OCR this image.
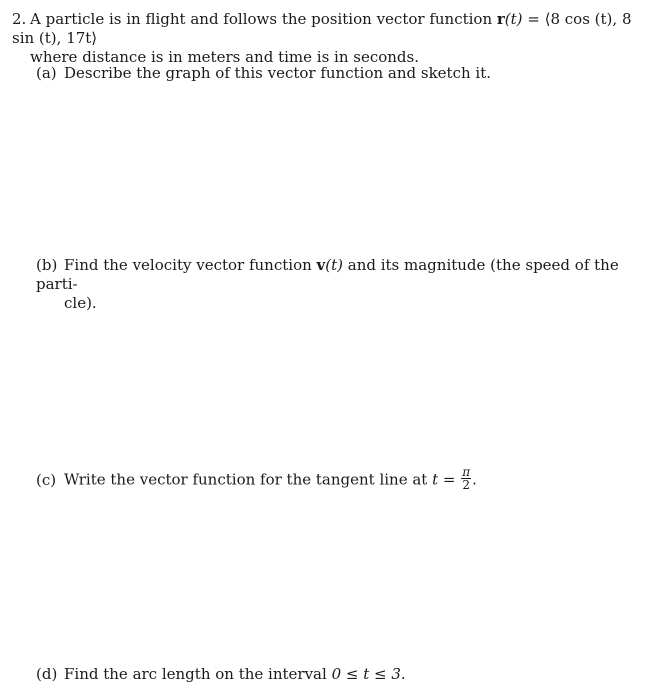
2. A particle is in flight and follows the position vector function r(t) = ⟨8 cos (t), 8 sin (t), 17t⟩
where distance is in meters and time is in seconds.
(a) Describe the graph of this vector function and sketch it.
(b) Find the velocity vector function v(t) and its magnitude (the speed of the parti-
cle).
(c) Write the vector function for the tangent line at $t = \frac{\pi}{2}$ .
(d) Find the arc length on the interval 0 ≤ t ≤ 3.
